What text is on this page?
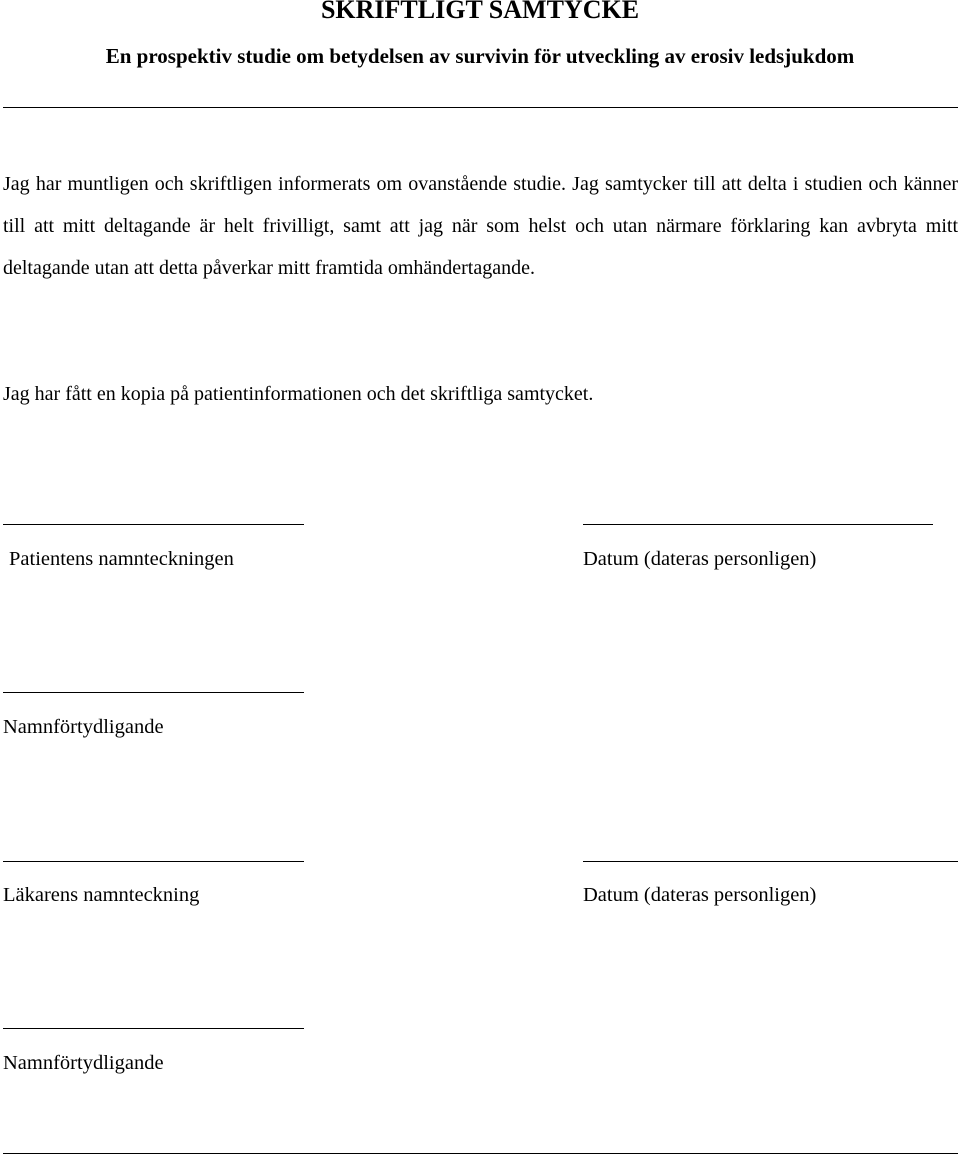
SKRIFTLIGT SAMTYCKE
En prospektiv studie om betydelsen av survivin för utveckling av erosiv ledsjukdom

Jag har muntligen och skriftligen informerats om ovanstående studie. Jag samtycker till att delta i studien och känner till att mitt deltagande är helt frivilligt, samt att jag när som helst och utan närmare förklaring kan avbryta mitt deltagande utan att detta påverkar mitt framtida omhändertagande.

Jag har fått en kopia på patientinformationen och det skriftliga samtycket.

Patientens namnteckningen	Datum (dateras personligen)
Namnförtydligande
Läkarens namnteckning	Datum (dateras personligen)
Namnförtydligande
